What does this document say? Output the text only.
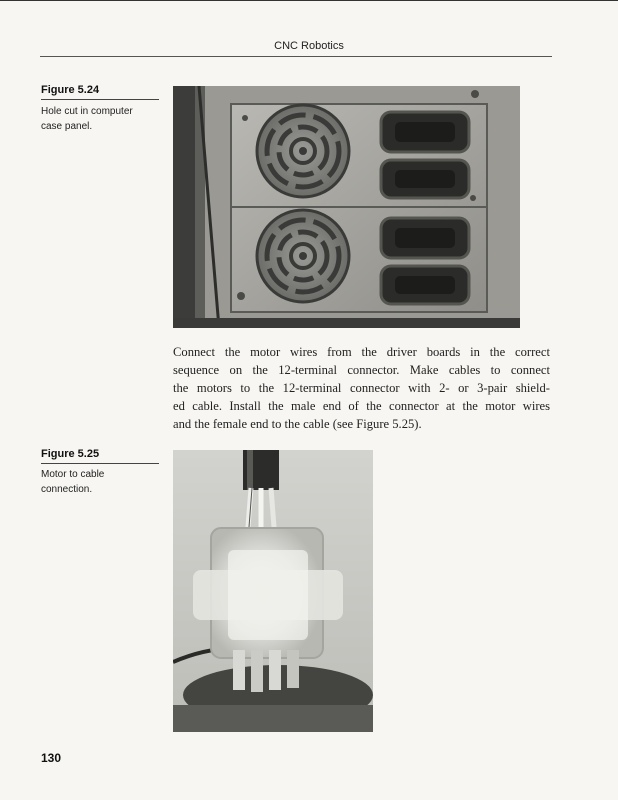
CNC Robotics
Figure 5.24
Hole cut in computer
case panel.
Connect the motor wires from the driver boards in the correct
sequence on the 12-terminal connector. Make cables to connect
the motors to the 12-terminal connector with 2- or 3-pair shield-
ed cable. Install the male end of the connector at the motor wires
and the female end to the cable (see Figure 5.25).
Figure 5.25
Motor to cable
connection.
130
